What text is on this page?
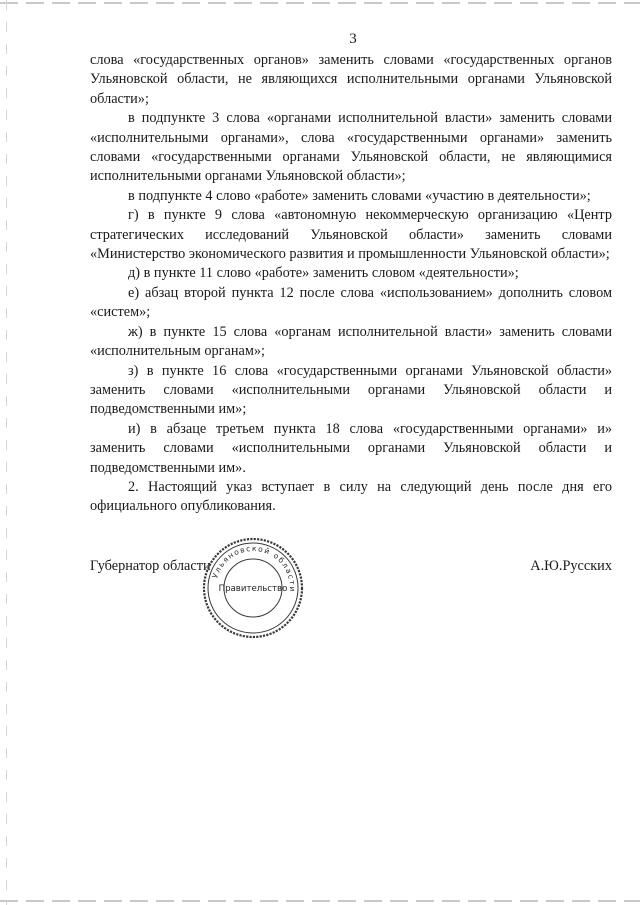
3

слова «государственных органов» заменить словами «государственных органов Ульяновской области, не являющихся исполнительными органами Ульяновской области»;

в подпункте 3 слова «органами исполнительной власти» заменить словами «исполнительными органами», слова «государственными органами» заменить словами «государственными органами Ульяновской области, не являющимися исполнительными органами Ульяновской области»;

в подпункте 4 слово «работе» заменить словами «участию в деятельности»;

г) в пункте 9 слова «автономную некоммерческую организацию «Центр стратегических исследований Ульяновской области» заменить словами «Министерство экономического развития и промышленности Ульяновской области»;

д) в пункте 11 слово «работе» заменить словом «деятельности»;

е) абзац второй пункта 12 после слова «использованием» дополнить словом «систем»;

ж) в пункте 15 слова «органам исполнительной власти» заменить словами «исполнительным органам»;

з) в пункте 16 слова «государственными органами Ульяновской области» заменить словами «исполнительными органами Ульяновской области и подведомственными им»;

и) в абзаце третьем пункта 18 слова «государственными органами» и» заменить словами «исполнительными органами Ульяновской области и подведомственными им».

2. Настоящий указ вступает в силу на следующий день после дня его официального опубликования.

Губернатор области	А.Ю.Русских
Ульяновской области
Правительство
